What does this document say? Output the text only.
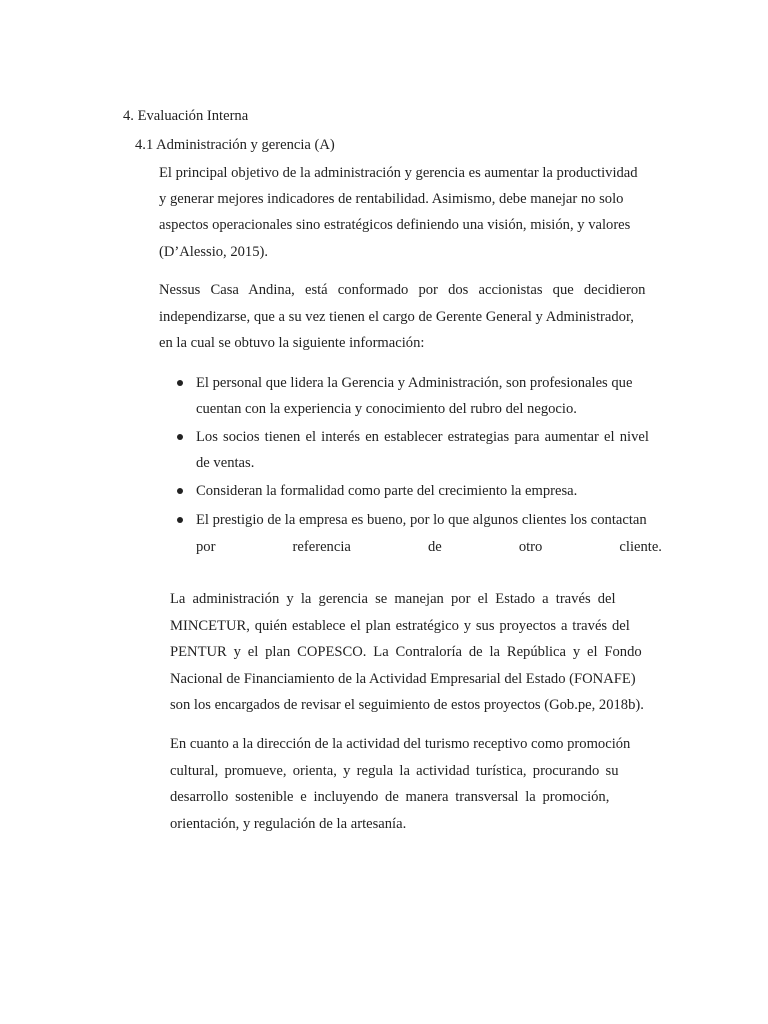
4. Evaluación Interna
4.1 Administración y gerencia (A)
El principal objetivo de la administración y gerencia es aumentar la productividad
y generar mejores indicadores de rentabilidad. Asimismo, debe manejar no solo
aspectos operacionales sino estratégicos definiendo una visión, misión, y valores
(D’Alessio, 2015).
Nessus Casa Andina, está conformado por dos accionistas que decidieron
independizarse, que a su vez tienen el cargo de Gerente General y Administrador,
en la cual se obtuvo la siguiente información:
El personal que lidera la Gerencia y Administración, son profesionales que
cuentan con la experiencia y conocimiento del rubro del negocio.
Los socios tienen el interés en establecer estrategias para aumentar el nivel
de ventas.
Consideran la formalidad como parte del crecimiento la empresa.
El prestigio de la empresa es bueno, por lo que algunos clientes los contactan
por	referencia	de	otro	cliente.
La administración y la gerencia se manejan por el Estado a través del
MINCETUR, quién establece el plan estratégico y sus proyectos a través del
PENTUR y el plan COPESCO. La Contraloría de la República y el Fondo
Nacional de Financiamiento de la Actividad Empresarial del Estado (FONAFE)
son los encargados de revisar el seguimiento de estos proyectos (Gob.pe, 2018b).
En cuanto a la dirección de la actividad del turismo receptivo como promoción
cultural, promueve, orienta, y regula la actividad turística, procurando su
desarrollo sostenible e incluyendo de manera transversal la promoción,
orientación, y regulación de la artesanía.
